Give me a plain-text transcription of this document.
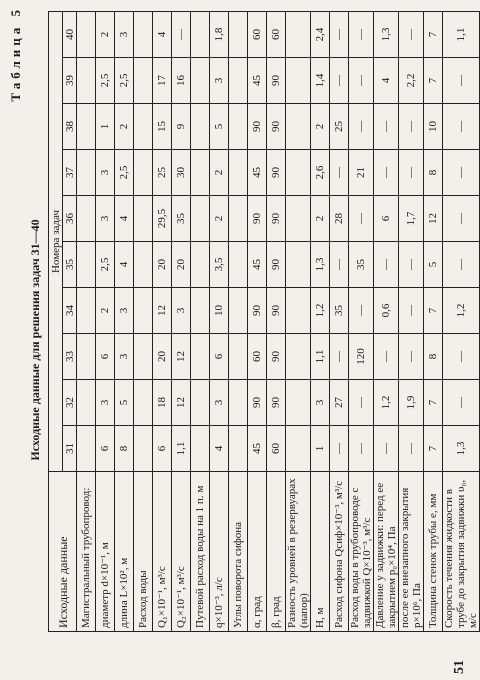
Таблица 5
Исходные данные для решения задач 31—40
51
Исходные данные	Номера задач									
	31	32	33	34	35	36	37	38	39	40
Магистральный трубопровод:										
диаметр d×10⁻¹, м	6	3	6	2	2,5	3	3	1	2,5	2
длина L×10², м	8	5	3	3	4	4	2,5	2	2,5	3
Расход воды										
Q₁×10⁻¹, м³/с	6	18	20	12	20	29,5	25	15	17	4
Q₂×10⁻¹, м³/с	1,1	12	12	3	20	35	30	9	16	—
Путевой расход воды на 1 п. м										
q×10⁻³, л/с	4	3	6	10	3,5	2	2	5	3	1,8
Углы поворота сифона										
α, град	45	90	60	90	45	90	45	90	45	60
β, град	60	90	90	90	90	90	90	90	90	60
Разность уровней в резервуарах (напор)										
H, м	1	3	1,1	1,2	1,3	2	2,6	2	1,4	2,4
Расход сифона Qсиф×10⁻³, м³/с	—	27	—	35	—	28	—	25	—	—
Расход воды в трубопроводе с задвижкой Q×10⁻³, м³/с	—	—	120	—	35	—	21	—	—	—
Давление у задвижки: перед ее закрытием p₀×10⁴, Па	—	1,2	—	0,6	—	6	—	—	4	1,3
после ее внезапного закрытия p×10⁶, Па	—	1,9	—	—	—	1,7	—	—	2,2	—
Толщина стенок трубы e, мм	7	7	8	7	5	12	8	10	7	7
Скорость течения жидкости в трубе до закрытия задвижки υ₀, м/с	1,3	—	—	1,2	—	—	—	—	—	1,1
